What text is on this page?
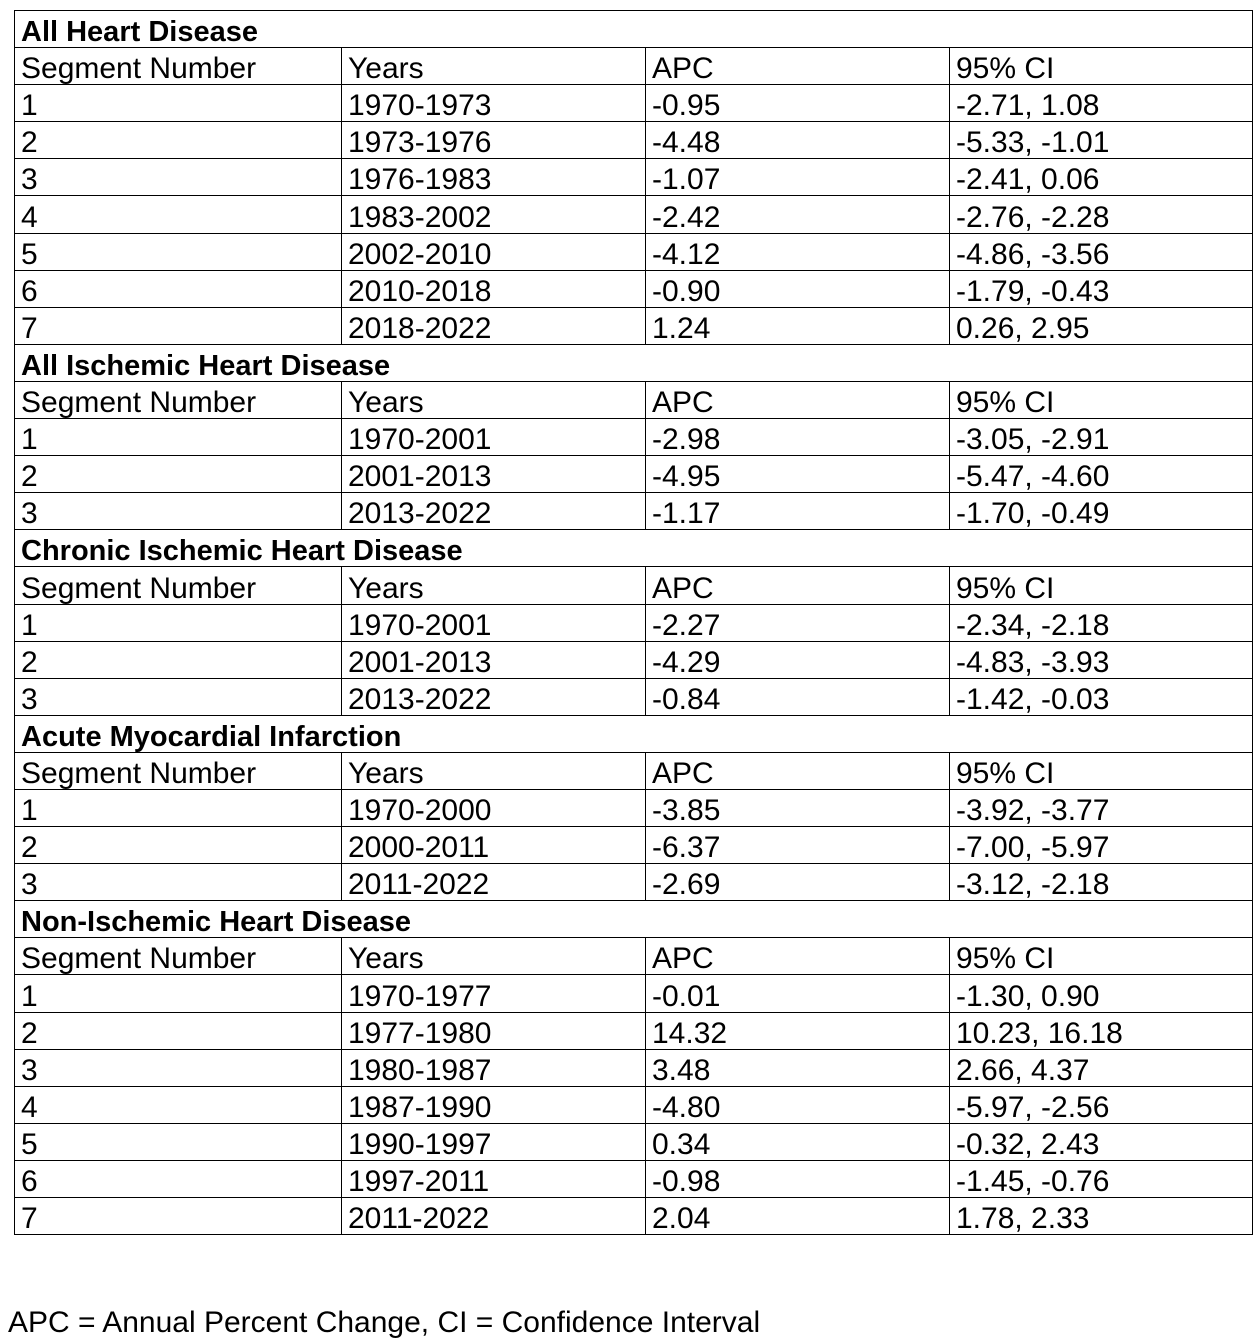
All Heart Disease			
Segment Number	Years	APC	95% CI
1	1970-1973	-0.95	-2.71, 1.08
2	1973-1976	-4.48	-5.33, -1.01
3	1976-1983	-1.07	-2.41, 0.06
4	1983-2002	-2.42	-2.76, -2.28
5	2002-2010	-4.12	-4.86, -3.56
6	2010-2018	-0.90	-1.79, -0.43
7	2018-2022	1.24	0.26, 2.95
All Ischemic Heart Disease			
Segment Number	Years	APC	95% CI
1	1970-2001	-2.98	-3.05, -2.91
2	2001-2013	-4.95	-5.47, -4.60
3	2013-2022	-1.17	-1.70, -0.49
Chronic Ischemic Heart Disease			
Segment Number	Years	APC	95% CI
1	1970-2001	-2.27	-2.34, -2.18
2	2001-2013	-4.29	-4.83, -3.93
3	2013-2022	-0.84	-1.42, -0.03
Acute Myocardial Infarction			
Segment Number	Years	APC	95% CI
1	1970-2000	-3.85	-3.92, -3.77
2	2000-2011	-6.37	-7.00, -5.97
3	2011-2022	-2.69	-3.12, -2.18
Non-Ischemic Heart Disease			
Segment Number	Years	APC	95% CI
1	1970-1977	-0.01	-1.30, 0.90
2	1977-1980	14.32	10.23, 16.18
3	1980-1987	3.48	2.66, 4.37
4	1987-1990	-4.80	-5.97, -2.56
5	1990-1997	0.34	-0.32, 2.43
6	1997-2011	-0.98	-1.45, -0.76
7	2011-2022	2.04	1.78, 2.33
APC = Annual Percent Change, CI = Confidence Interval
